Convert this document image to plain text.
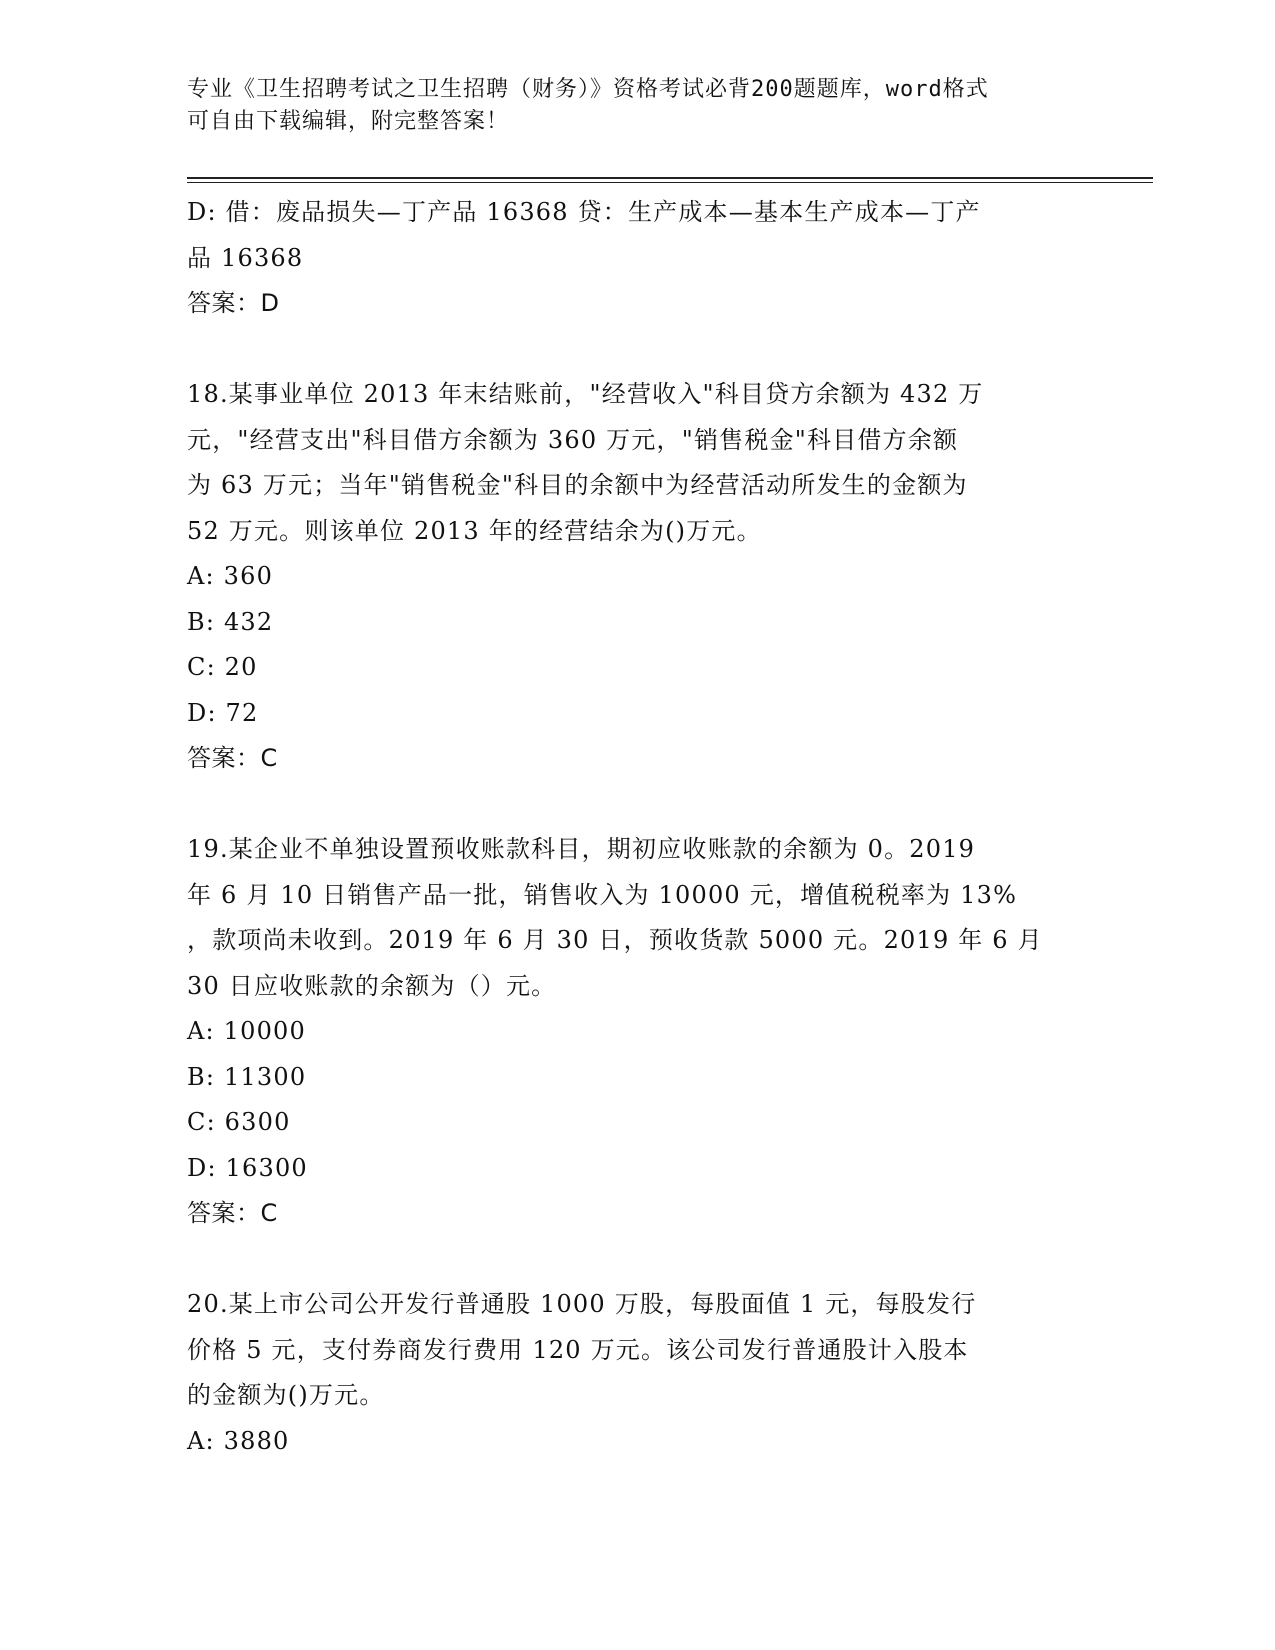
专业《卫生招聘考试之卫生招聘（财务）》资格考试必背200题题库，word格式
可自由下载编辑，附完整答案！
D: 借：废品损失—丁产品 16368 贷：生产成本—基本生产成本—丁产
品 16368
答案：D
18.某事业单位 2013 年末结账前，"经营收入"科目贷方余额为 432 万
元，"经营支出"科目借方余额为 360 万元，"销售税金"科目借方余额
为 63 万元；当年"销售税金"科目的余额中为经营活动所发生的金额为
52 万元。则该单位 2013 年的经营结余为()万元。
A: 360
B: 432
C: 20
D: 72
答案：C
19.某企业不单独设置预收账款科目，期初应收账款的余额为 0。2019
年 6 月 10 日销售产品一批，销售收入为 10000 元，增值税税率为 13%
，款项尚未收到。2019 年 6 月 30 日，预收货款 5000 元。2019 年 6 月
30 日应收账款的余额为（）元。
A: 10000
B: 11300
C: 6300
D: 16300
答案：C
20.某上市公司公开发行普通股 1000 万股，每股面值 1 元，每股发行
价格 5 元，支付券商发行费用 120 万元。该公司发行普通股计入股本
的金额为()万元。
A: 3880
